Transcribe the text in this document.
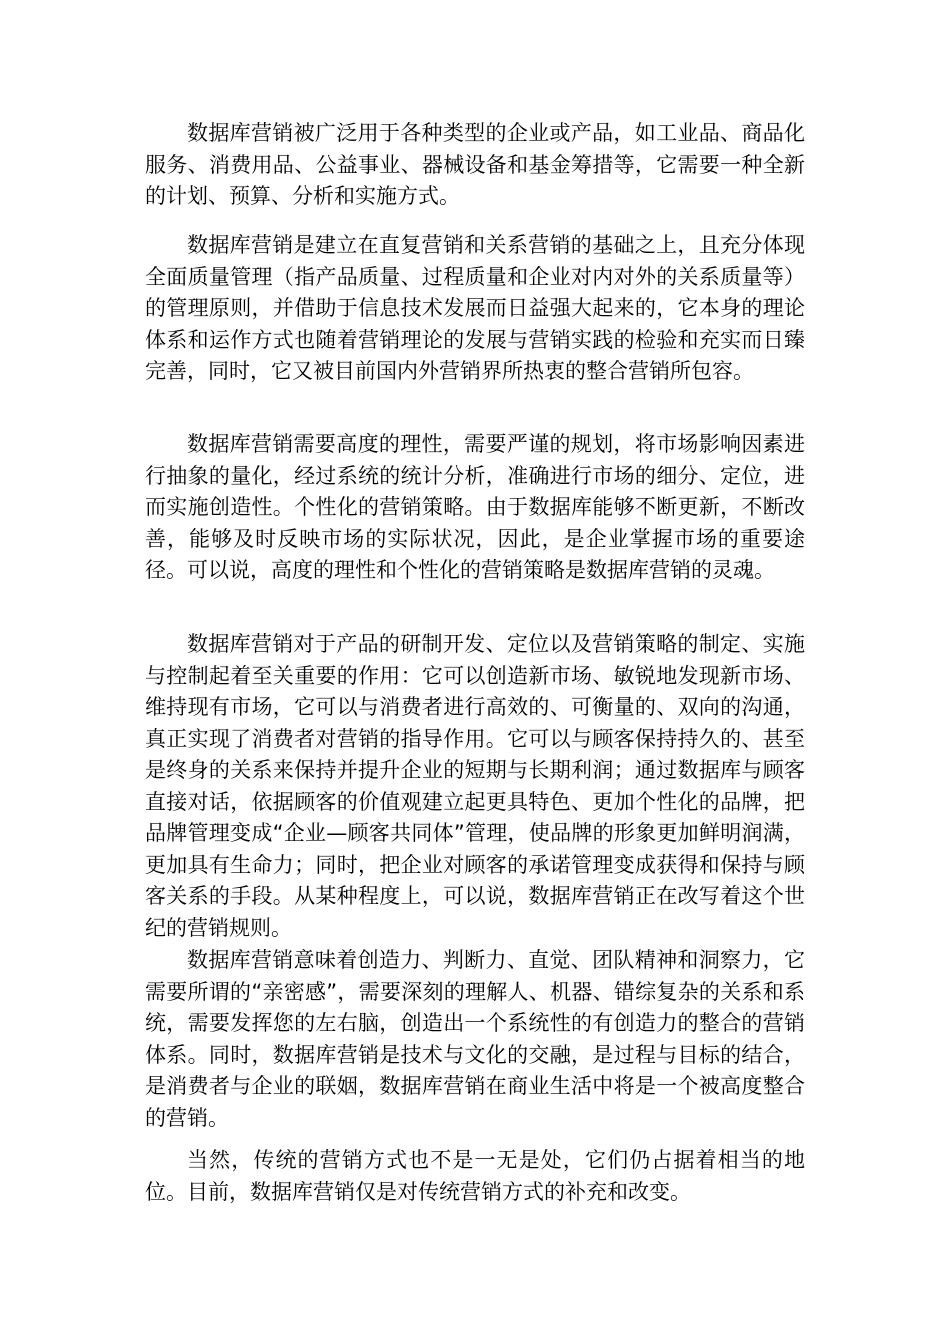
数据库营销被广泛用于各种类型的企业或产品，如工业品、商品化服务、消费用品、公益事业、器械设备和基金筹措等，它需要一种全新的计划、预算、分析和实施方式。

数据库营销是建立在直复营销和关系营销的基础之上，且充分体现全面质量管理（指产品质量、过程质量和企业对内对外的关系质量等）的管理原则，并借助于信息技术发展而日益强大起来的，它本身的理论体系和运作方式也随着营销理论的发展与营销实践的检验和充实而日臻完善，同时，它又被目前国内外营销界所热衷的整合营销所包容。

数据库营销需要高度的理性，需要严谨的规划，将市场影响因素进行抽象的量化，经过系统的统计分析，准确进行市场的细分、定位，进而实施创造性。个性化的营销策略。由于数据库能够不断更新，不断改善，能够及时反映市场的实际状况，因此，是企业掌握市场的重要途径。可以说，高度的理性和个性化的营销策略是数据库营销的灵魂。

数据库营销对于产品的研制开发、定位以及营销策略的制定、实施与控制起着至关重要的作用：它可以创造新市场、敏锐地发现新市场、维持现有市场，它可以与消费者进行高效的、可衡量的、双向的沟通，真正实现了消费者对营销的指导作用。它可以与顾客保持持久的、甚至是终身的关系来保持并提升企业的短期与长期利润；通过数据库与顾客直接对话，依据顾客的价值观建立起更具特色、更加个性化的品牌，把品牌管理变成“企业—顾客共同体”管理，使品牌的形象更加鲜明润满，更加具有生命力；同时，把企业对顾客的承诺管理变成获得和保持与顾客关系的手段。从某种程度上，可以说，数据库营销正在改写着这个世纪的营销规则。

数据库营销意味着创造力、判断力、直觉、团队精神和洞察力，它需要所谓的“亲密感”，需要深刻的理解人、机器、错综复杂的关系和系统，需要发挥您的左右脑，创造出一个系统性的有创造力的整合的营销体系。同时，数据库营销是技术与文化的交融，是过程与目标的结合，是消费者与企业的联姻，数据库营销在商业生活中将是一个被高度整合的营销。

当然，传统的营销方式也不是一无是处，它们仍占据着相当的地位。目前，数据库营销仅是对传统营销方式的补充和改变。
